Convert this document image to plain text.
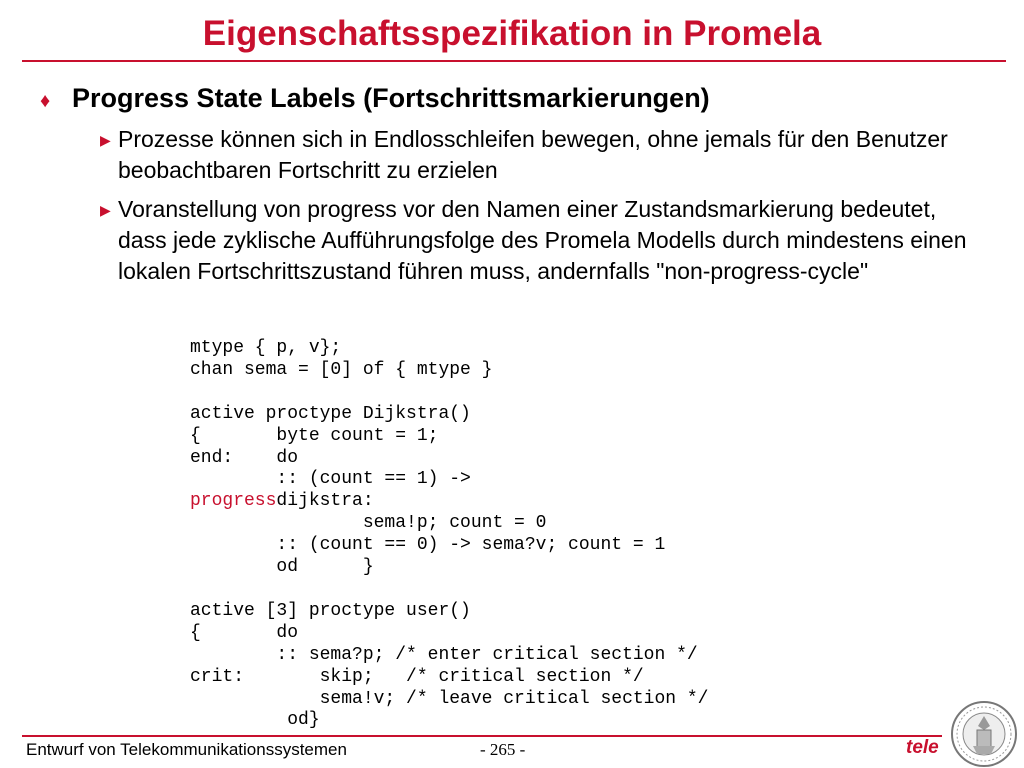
Eigenschaftsspezifikation in Promela
♦ Progress State Labels (Fortschrittsmarkierungen)
▶ Prozesse können sich in Endlosschleifen bewegen, ohne jemals für den Benutzer beobachtbaren Fortschritt zu erzielen
▶ Voranstellung von progress vor den Namen einer Zustandsmarkierung bedeutet, dass jede zyklische Aufführungsfolge des Promela Modells durch mindestens einen lokalen Fortschrittszustand führen muss, andernfalls "non-progress-cycle"
mtype { p, v};
chan sema = [0] of { mtype }

active proctype Dijkstra()
{       byte count = 1;
end:    do
:: (count == 1) ->
progressdijkstra:
sema!p; count = 0
:: (count == 0) -> sema?v; count = 1
od      }

active [3] proctype user()
{       do
:: sema?p; /* enter critical section */
crit:       skip;   /* critical section */
sema!v; /* leave critical section */
od}
Entwurf von Telekommunikationssystemen	- 265 -	tele
